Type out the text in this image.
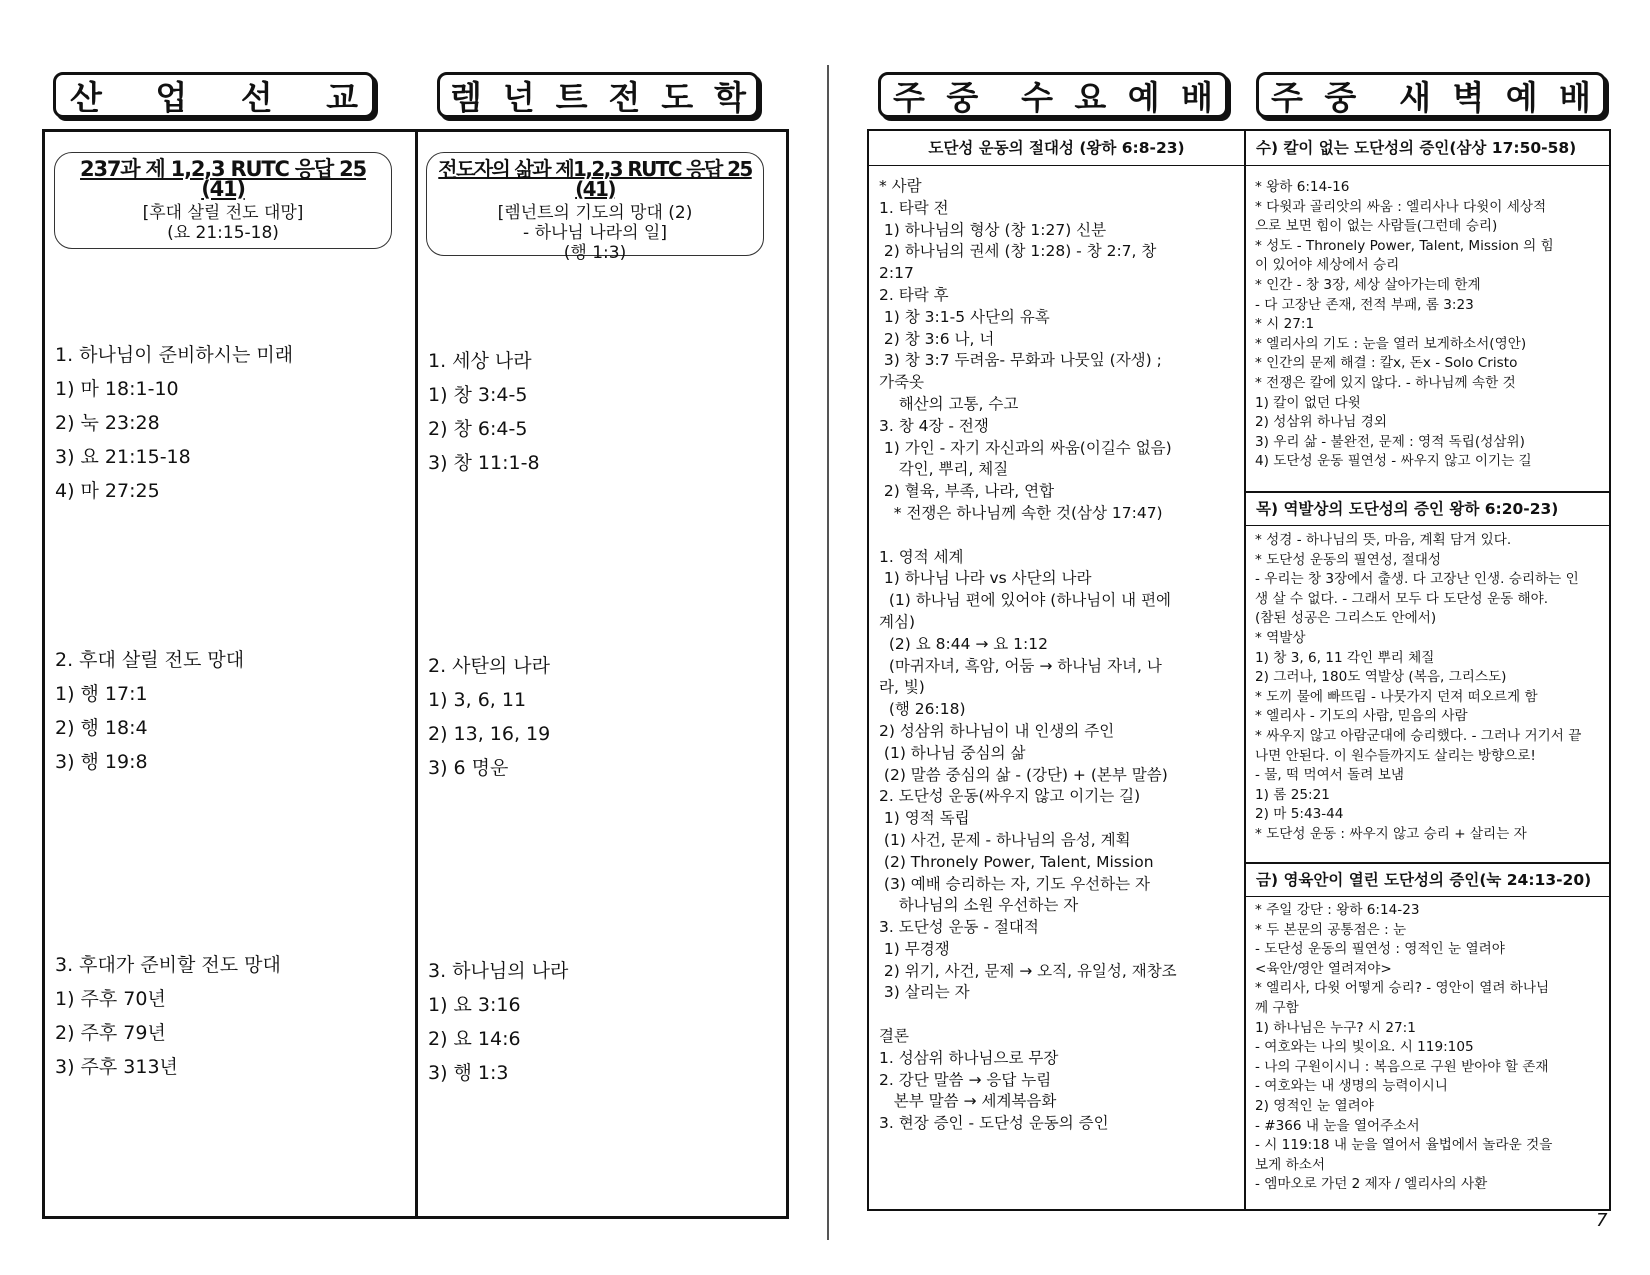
산 업 선 교	렘 넌 트 전 도 학
237과 제 1,2,3 RUTC 응답 25 (41)
[후대 살릴 전도 대망]
(요 21:15-18)
1. 하나님이 준비하시는 미래
1) 마 18:1-10
2) 눅 23:28
3) 요 21:15-18
4) 마 27:25
2. 후대 살릴 전도 망대
1) 행 17:1
2) 행 18:4
3) 행 19:8
3. 후대가 준비할 전도 망대
1) 주후 70년
2) 주후 79년
3) 주후 313년
전도자의 삶과 제1,2,3 RUTC 응답 25 (41)
[렘넌트의 기도의 망대 (2)
- 하나님 나라의 일]
(행 1:3)
1. 세상 나라
1) 창 3:4-5
2) 창 6:4-5
3) 창 11:1-8
2. 사탄의 나라
1) 3, 6, 11
2) 13, 16, 19
3) 6 명운
3. 하나님의 나라
1) 요 3:16
2) 요 14:6
3) 행 1:3
주 중 수 요 예 배 주 중 새 벽 예 배
도단성 운동의 절대성 (왕하 6:8-23)
* 사람
1. 타락 전
1) 하나님의 형상 (창 1:27) 신분
2) 하나님의 권세 (창 1:28) - 창 2:7, 창
2:17
2. 타락 후
1) 창 3:1-5 사단의 유혹
2) 창 3:6 나, 너
3) 창 3:7 두려움- 무화과 나뭇잎 (자생) ;
가죽옷
해산의 고통, 수고
3. 창 4장 - 전쟁
1) 가인 - 자기 자신과의 싸움(이길수 없음)
각인, 뿌리, 체질
2) 혈육, 부족, 나라, 연합
* 전쟁은 하나님께 속한 것(삼상 17:47)

1. 영적 세계
1) 하나님 나라 vs 사단의 나라
(1) 하나님 편에 있어야 (하나님이 내 편에
계심)
(2) 요 8:44 → 요 1:12
(마귀자녀, 흑암, 어둠 → 하나님 자녀, 나
라, 빛)
(행 26:18)
2) 성삼위 하나님이 내 인생의 주인
(1) 하나님 중심의 삶
(2) 말씀 중심의 삶 - (강단) + (본부 말씀)
2. 도단성 운동(싸우지 않고 이기는 길)
1) 영적 독립
(1) 사건, 문제 - 하나님의 음성, 계획
(2) Thronely Power, Talent, Mission
(3) 예배 승리하는 자, 기도 우선하는 자
하나님의 소원 우선하는 자
3. 도단성 운동 - 절대적
1) 무경쟁
2) 위기, 사건, 문제 → 오직, 유일성, 재창조
3) 살리는 자

결론
1. 성삼위 하나님으로 무장
2. 강단 말씀 → 응답 누림
본부 말씀 → 세계복음화
3. 현장 증인 - 도단성 운동의 증인
수) 칼이 없는 도단성의 증인(삼상 17:50-58)
* 왕하 6:14-16
* 다윗과 골리앗의 싸움 : 엘리사나 다윗이 세상적
으로 보면 힘이 없는 사람들(그런데 승리)
* 성도 - Thronely Power, Talent, Mission 의 힘
이 있어야 세상에서 승리
* 인간 - 창 3장, 세상 살아가는데 한계
- 다 고장난 존재, 전적 부패, 롬 3:23
* 시 27:1
* 엘리사의 기도 : 눈을 열러 보게하소서(영안)
* 인간의 문제 해결 : 칼x, 돈x - Solo Cristo
* 전쟁은 칼에 있지 않다. - 하나님께 속한 것
1) 칼이 없던 다윗
2) 성삼위 하나님 경외
3) 우리 삶 - 불완전, 문제 : 영적 독립(성삼위)
4) 도단성 운동 필연성 - 싸우지 않고 이기는 길
목) 역발상의 도단성의 증인 왕하 6:20-23)
* 성경 - 하나님의 뜻, 마음, 계획 담겨 있다.
* 도단성 운동의 필연성, 절대성
- 우리는 창 3장에서 출생. 다 고장난 인생. 승리하는 인
생 살 수 없다. - 그래서 모두 다 도단성 운동 해야.
(참된 성공은 그리스도 안에서)
* 역발상
1) 창 3, 6, 11 각인 뿌리 체질
2) 그러나, 180도 역발상 (복음, 그리스도)
* 도끼 물에 빠뜨림 - 나뭇가지 던져 떠오르게 함
* 엘리사 - 기도의 사람, 믿음의 사람
* 싸우지 않고 아람군대에 승리했다. - 그러나 거기서 끝
나면 안된다. 이 원수들까지도 살리는 방향으로!
- 물, 떡 먹여서 돌려 보냄
1) 롬 25:21
2) 마 5:43-44
* 도단성 운동 : 싸우지 않고 승리 + 살리는 자
금) 영육안이 열린 도단성의 증인(눅 24:13-20)
* 주일 강단 : 왕하 6:14-23
* 두 본문의 공통점은 : 눈
- 도단성 운동의 필연성 : 영적인 눈 열려야
<육안/영안 열려져야>
* 엘리사, 다윗 어떻게 승리? - 영안이 열려 하나님
께 구함
1) 하나님은 누구? 시 27:1
- 여호와는 나의 빛이요. 시 119:105
- 나의 구원이시니 : 복음으로 구원 받아야 할 존재
- 여호와는 내 생명의 능력이시니
2) 영적인 눈 열려야
- #366 내 눈을 열어주소서
- 시 119:18 내 눈을 열어서 율법에서 놀라운 것을
보게 하소서
- 엠마오로 가던 2 제자 / 엘리사의 사환
7
